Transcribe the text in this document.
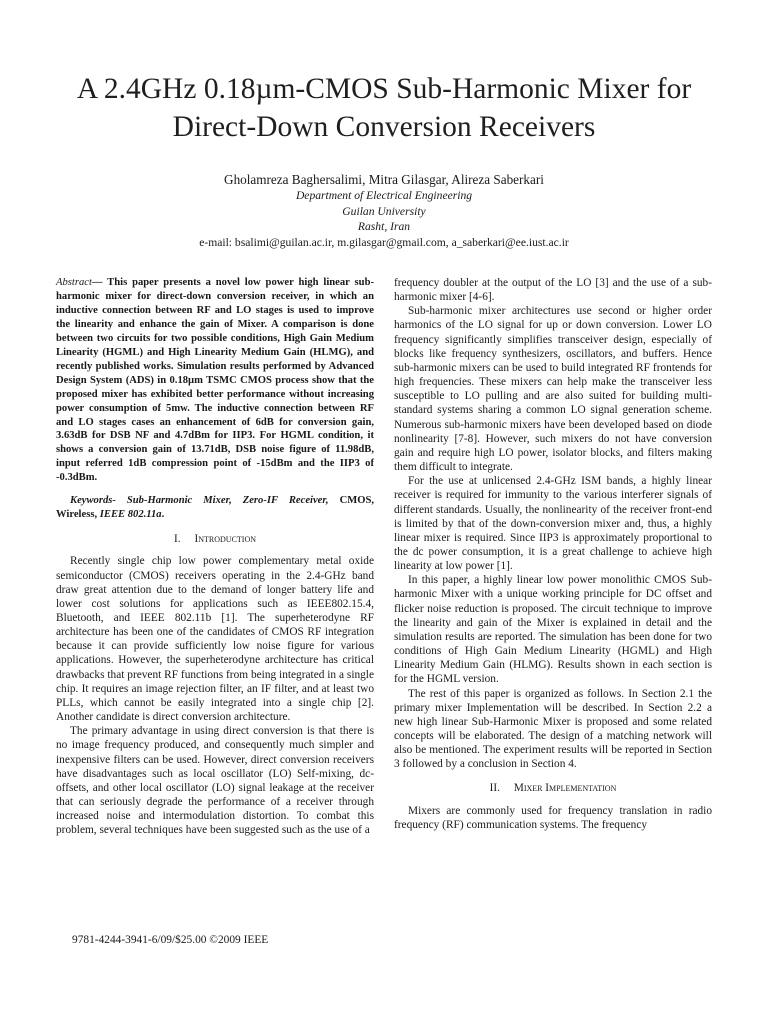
A 2.4GHz 0.18µm-CMOS Sub-Harmonic Mixer for
Direct-Down Conversion Receivers
Gholamreza Baghersalimi, Mitra Gilasgar, Alireza Saberkari
Department of Electrical Engineering
Guilan University
Rasht, Iran
e-mail: bsalimi@guilan.ac.ir, m.gilasgar@gmail.com, a_saberkari@ee.iust.ac.ir

Abstract— This paper presents a novel low power high linear sub-harmonic mixer for direct-down conversion receiver, in which an inductive connection between RF and LO stages is used to improve the linearity and enhance the gain of Mixer. A comparison is done between two circuits for two possible conditions, High Gain Medium Linearity (HGML) and High Linearity Medium Gain (HLMG), and recently published works. Simulation results performed by Advanced Design System (ADS) in 0.18µm TSMC CMOS process show that the proposed mixer has exhibited better performance without increasing power consumption of 5mw. The inductive connection between RF and LO stages cases an enhancement of 6dB for conversion gain, 3.63dB for DSB NF and 4.7dBm for IIP3. For HGML condition, it shows a conversion gain of 13.71dB, DSB noise figure of 11.98dB, input referred 1dB compression point of -15dBm and the IIP3 of -0.3dBm.

Keywords- Sub-Harmonic Mixer, Zero-IF Receiver, CMOS, Wireless, IEEE 802.11a.

I. Introduction

Recently single chip low power complementary metal oxide semiconductor (CMOS) receivers operating in the 2.4-GHz band draw great attention due to the demand of longer battery life and lower cost solutions for applications such as IEEE802.15.4, Bluetooth, and IEEE 802.11b [1]. The superheterodyne RF architecture has been one of the candidates of CMOS RF integration because it can provide sufficiently low noise figure for various applications. However, the superheterodyne architecture has critical drawbacks that prevent RF functions from being integrated in a single chip. It requires an image rejection filter, an IF filter, and at least two PLLs, which cannot be easily integrated into a single chip [2]. Another candidate is direct conversion architecture.

The primary advantage in using direct conversion is that there is no image frequency produced, and consequently much simpler and inexpensive filters can be used. However, direct conversion receivers have disadvantages such as local oscillator (LO) Self-mixing, dc-offsets, and other local oscillator (LO) signal leakage at the receiver that can seriously degrade the performance of a receiver through increased noise and intermodulation distortion. To combat this problem, several techniques have been suggested such as the use of a

frequency doubler at the output of the LO [3] and the use of a sub-harmonic mixer [4-6].

Sub-harmonic mixer architectures use second or higher order harmonics of the LO signal for up or down conversion. Lower LO frequency significantly simplifies transceiver design, especially of blocks like frequency synthesizers, oscillators, and buffers. Hence sub-harmonic mixers can be used to build integrated RF frontends for high frequencies. These mixers can help make the transceiver less susceptible to LO pulling and are also suited for building multi-standard systems sharing a common LO signal generation scheme. Numerous sub-harmonic mixers have been developed based on diode nonlinearity [7-8]. However, such mixers do not have conversion gain and require high LO power, isolator blocks, and filters making them difficult to integrate.

For the use at unlicensed 2.4-GHz ISM bands, a highly linear receiver is required for immunity to the various interferer signals of different standards. Usually, the nonlinearity of the receiver front-end is limited by that of the down-conversion mixer and, thus, a highly linear mixer is required. Since IIP3 is approximately proportional to the dc power consumption, it is a great challenge to achieve high linearity at low power [1].

In this paper, a highly linear low power monolithic CMOS Sub-harmonic Mixer with a unique working principle for DC offset and flicker noise reduction is proposed. The circuit technique to improve the linearity and gain of the Mixer is explained in detail and the simulation results are reported. The simulation has been done for two conditions of High Gain Medium Linearity (HGML) and High Linearity Medium Gain (HLMG). Results shown in each section is for the HGML version.

The rest of this paper is organized as follows. In Section 2.1 the primary mixer Implementation will be described. In Section 2.2 a new high linear Sub-Harmonic Mixer is proposed and some related concepts will be elaborated. The design of a matching network will also be mentioned. The experiment results will be reported in Section 3 followed by a conclusion in Section 4.

II. Mixer Implementation

Mixers are commonly used for frequency translation in radio frequency (RF) communication systems. The frequency

9781-4244-3941-6/09/$25.00 ©2009 IEEE
